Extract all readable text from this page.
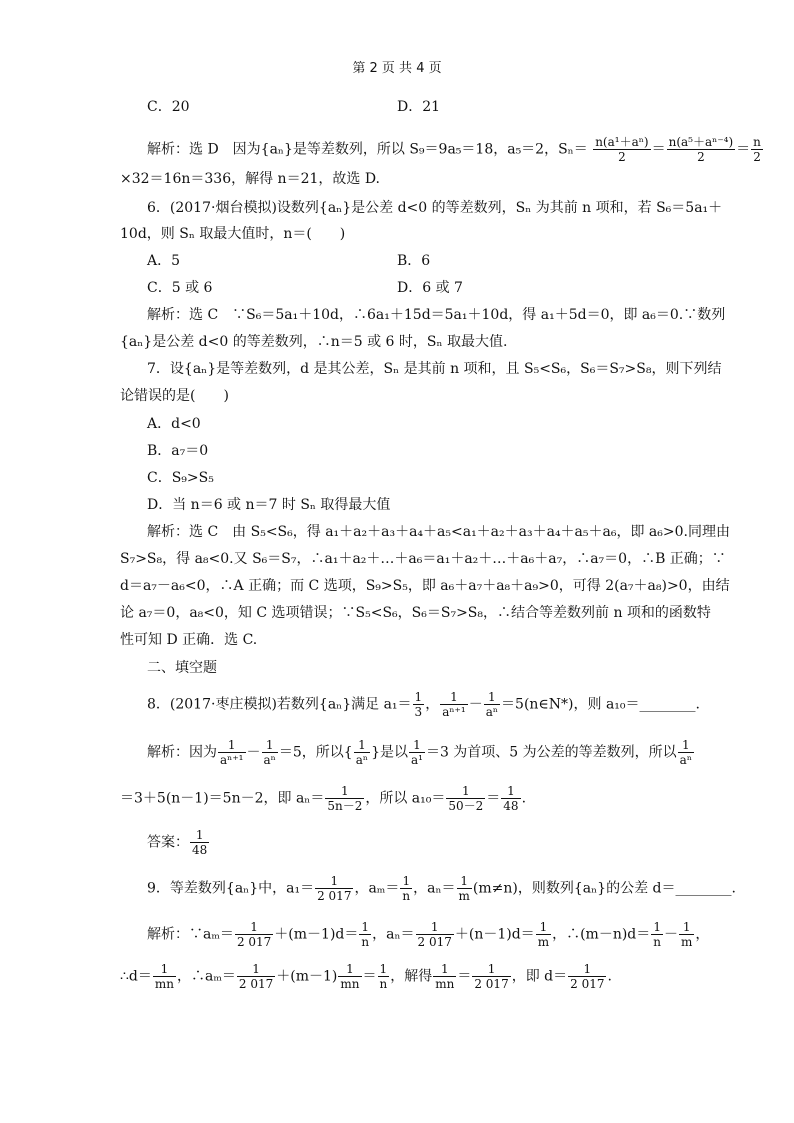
第 2 页 共 4 页
C．20	D．21
解析：选 D　因为{aₙ}是等差数列，所以 S₉＝9a₅＝18，a₅＝2，$S_n= \frac{\text{n(a¹＋aⁿ)}}{2} = \frac{\text{n(a⁵＋aⁿ⁻⁴)}}{2} = \frac{n}{2}$
×32＝16n＝336，解得 n＝21，故选 D.
6．(2017·烟台模拟)设数列{aₙ}是公差 d<0 的等差数列，Sₙ 为其前 n 项和，若 S₆＝5a₁＋
10d，则 Sₙ 取最大值时，n＝(　　)
A．5	B．6
C．5 或 6	D．6 或 7
解析：选 C　∵S₆＝5a₁＋10d，∴6a₁＋15d＝5a₁＋10d，得 a₁＋5d＝0，即 a₆＝0.∵数列
{aₙ}是公差 d<0 的等差数列，∴n＝5 或 6 时，Sₙ 取最大值.
7．设{aₙ}是等差数列，d 是其公差，Sₙ 是其前 n 项和，且 S₅<S₆，S₆＝S₇>S₈，则下列结
论错误的是(　　)
A．d<0
B．a₇＝0
C．S₉>S₅
D．当 n＝6 或 n＝7 时 Sₙ 取得最大值
解析：选 C　由 S₅<S₆，得 a₁＋a₂＋a₃＋a₄＋a₅<a₁＋a₂＋a₃＋a₄＋a₅＋a₆，即 a₆>0.同理由
S₇>S₈，得 a₈<0.又 S₆＝S₇，∴a₁＋a₂＋…＋a₆＝a₁＋a₂＋…＋a₆＋a₇，∴a₇＝0，∴B 正确；∵
d＝a₇－a₆<0，∴A 正确；而 C 选项，S₉>S₅，即 a₆＋a₇＋a₈＋a₉>0，可得 2(a₇＋a₈)>0，由结
论 a₇＝0，a₈<0，知 C 选项错误；∵S₅<S₆，S₆＝S₇>S₈，∴结合等差数列前 n 项和的函数特
性可知 D 正确．选 C.
二、填空题
8．(2017·枣庄模拟)若数列{aₙ}满足 $a_1= \frac{1}{3}$ ， $\frac{1}{\text{aⁿ⁺¹}} - \frac{1}{\text{aⁿ}}$ ＝5(n∈N*)，则 a₁₀＝________.
解析：因为 $\frac{1}{\text{aⁿ⁺¹}} - \frac{1}{\text{aⁿ}} =5$，所以{ $\frac{1}{\text{aⁿ}}$ }是以 $\frac{1}{\text{a¹}} =3$ 为首项、5 为公差的等差数列，所以 $\frac{1}{\text{aⁿ}}$
＝3＋5(n－1)＝5n－2，即 $a_n= \frac{1}{5n-2}$ ，所以 $a_{10}= \frac{1}{50-2} = \frac{1}{48}$ .
答案： $\frac{1}{48}$
9．等差数列{aₙ}中，$a_1= \frac{1}{2 017}$ ，$a_m= \frac{1}{n}$ ，$a_n= \frac{1}{m} (m\ne n)$，则数列{aₙ}的公差 d＝________.
解析：∵aₘ＝ $\frac{1}{2 017} +(m-1)d= \frac{1}{n}$ ，$a_n= \frac{1}{2 017} +(n-1)d= \frac{1}{m}$ ，∴(m－n)d＝ $\frac{1}{n} - \frac{1}{m}$ ，
∴d＝ $\frac{1}{mn}$ ，∴aₘ＝ $\frac{1}{2 017} +(m-1) \frac{1}{mn} = \frac{1}{n}$ ，解得 $\frac{1}{mn} = \frac{1}{2 017}$ ，即 $d= \frac{1}{2 017}$ .
